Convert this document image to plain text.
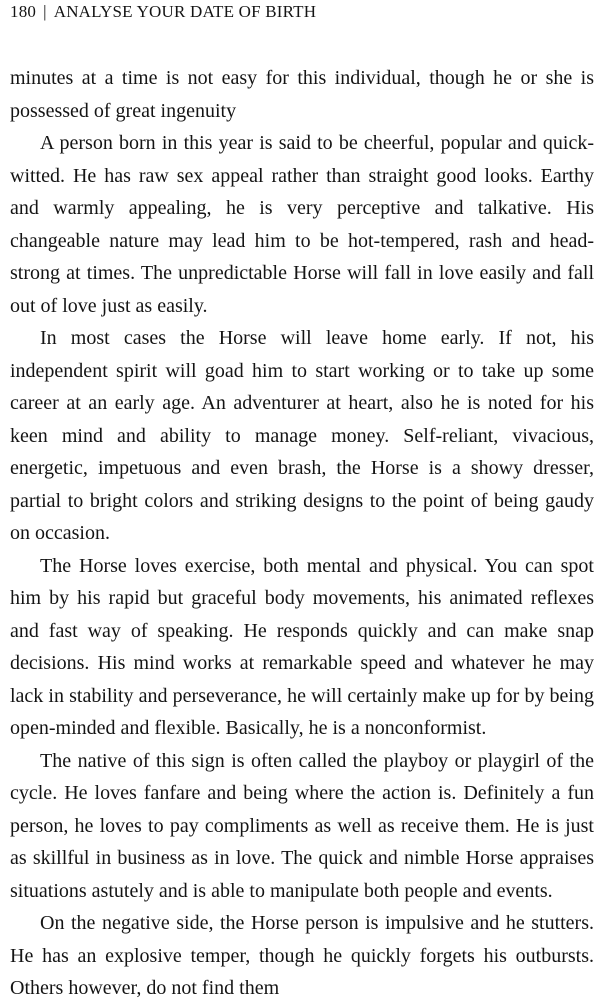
180 | ANALYSE YOUR DATE OF BIRTH

minutes at a time is not easy for this individual, though he or she is possessed of great ingenuity

A person born in this year is said to be cheerful, popular and quick-witted. He has raw sex appeal rather than straight good looks. Earthy and warmly appealing, he is very perceptive and talkative. His changeable nature may lead him to be hot-tempered, rash and head-strong at times. The unpredictable Horse will fall in love easily and fall out of love just as easily.

In most cases the Horse will leave home early. If not, his independent spirit will goad him to start working or to take up some career at an early age. An adventurer at heart, also he is noted for his keen mind and ability to manage money. Self-reliant, vivacious, energetic, impetuous and even brash, the Horse is a showy dresser, partial to bright colors and striking designs to the point of being gaudy on occasion.

The Horse loves exercise, both mental and physical. You can spot him by his rapid but graceful body movements, his animated reflexes and fast way of speaking. He responds quickly and can make snap decisions. His mind works at remarkable speed and whatever he may lack in stability and perseverance, he will certainly make up for by being open-minded and flexible. Basically, he is a nonconformist.

The native of this sign is often called the playboy or playgirl of the cycle. He loves fanfare and being where the action is. Definitely a fun person, he loves to pay compliments as well as receive them. He is just as skillful in business as in love. The quick and nimble Horse appraises situations astutely and is able to manipulate both people and events.

On the negative side, the Horse person is impulsive and he stutters. He has an explosive temper, though he quickly forgets his outbursts. Others however, do not find them
